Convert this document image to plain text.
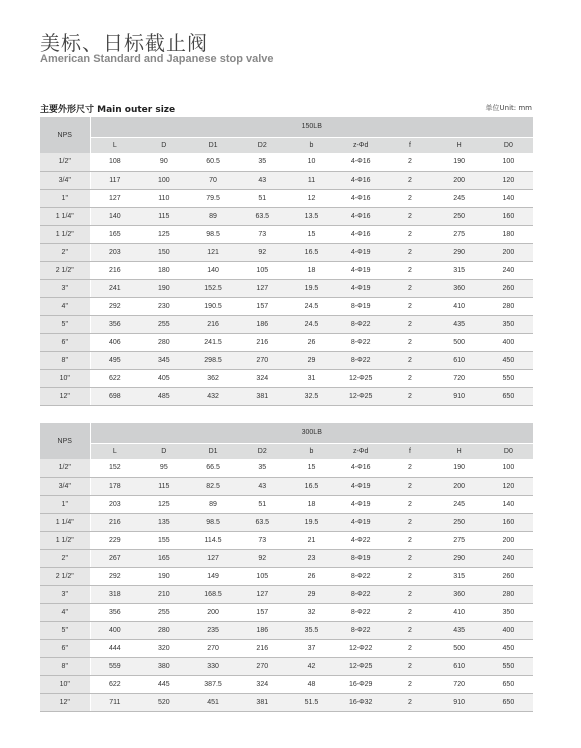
美标、日标截止阀
American Standard and Japanese stop valve
主要外形尺寸 Main outer size	单位Unit: mm
NPS	150LB								
	L	D	D1	D2	b	z-Φd	f	H	D0
1/2"	108	90	60.5	35	10	4-Φ16	2	190	100
3/4"	117	100	70	43	11	4-Φ16	2	200	120
1"	127	110	79.5	51	12	4-Φ16	2	245	140
1 1/4"	140	115	89	63.5	13.5	4-Φ16	2	250	160
1 1/2"	165	125	98.5	73	15	4-Φ16	2	275	180
2"	203	150	121	92	16.5	4-Φ19	2	290	200
2 1/2"	216	180	140	105	18	4-Φ19	2	315	240
3"	241	190	152.5	127	19.5	4-Φ19	2	360	260
4"	292	230	190.5	157	24.5	8-Φ19	2	410	280
5"	356	255	216	186	24.5	8-Φ22	2	435	350
6"	406	280	241.5	216	26	8-Φ22	2	500	400
8"	495	345	298.5	270	29	8-Φ22	2	610	450
10"	622	405	362	324	31	12-Φ25	2	720	550
12"	698	485	432	381	32.5	12-Φ25	2	910	650
NPS	300LB								
	L	D	D1	D2	b	z-Φd	f	H	D0
1/2"	152	95	66.5	35	15	4-Φ16	2	190	100
3/4"	178	115	82.5	43	16.5	4-Φ19	2	200	120
1"	203	125	89	51	18	4-Φ19	2	245	140
1 1/4"	216	135	98.5	63.5	19.5	4-Φ19	2	250	160
1 1/2"	229	155	114.5	73	21	4-Φ22	2	275	200
2"	267	165	127	92	23	8-Φ19	2	290	240
2 1/2"	292	190	149	105	26	8-Φ22	2	315	260
3"	318	210	168.5	127	29	8-Φ22	2	360	280
4"	356	255	200	157	32	8-Φ22	2	410	350
5"	400	280	235	186	35.5	8-Φ22	2	435	400
6"	444	320	270	216	37	12-Φ22	2	500	450
8"	559	380	330	270	42	12-Φ25	2	610	550
10"	622	445	387.5	324	48	16-Φ29	2	720	650
12"	711	520	451	381	51.5	16-Φ32	2	910	650
